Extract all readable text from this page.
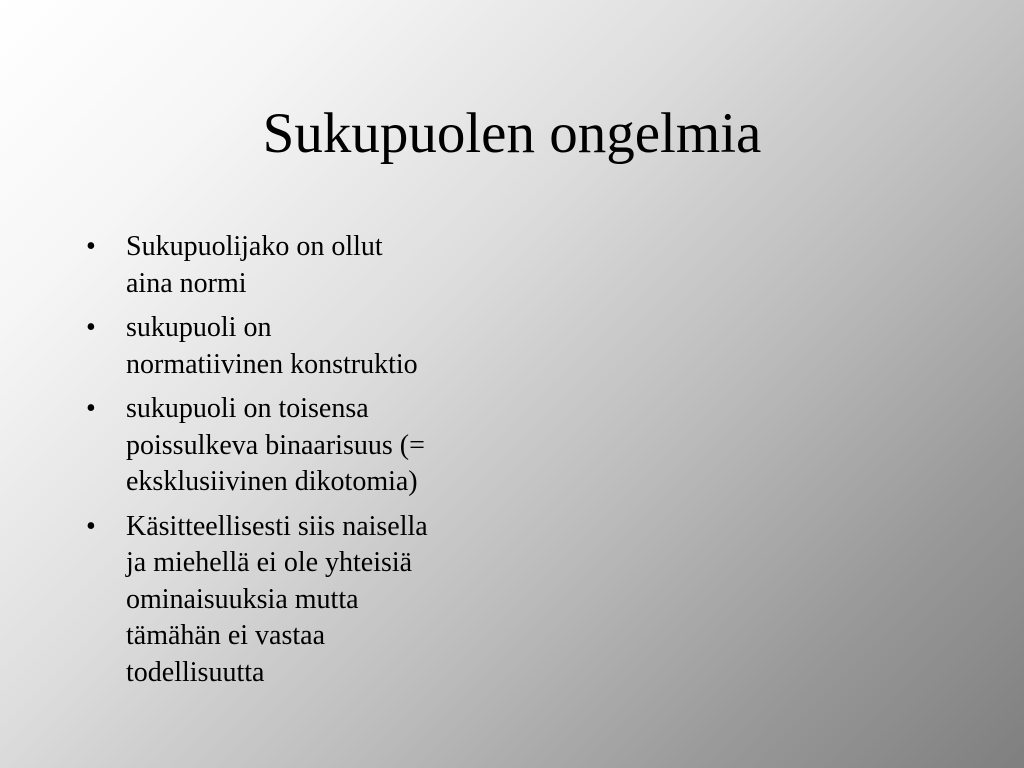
Sukupuolen ongelmia
• Sukupuolijako on ollut
aina normi
• sukupuoli on
normatiivinen konstruktio
• sukupuoli on toisensa
poissulkeva binaarisuus (=
eksklusiivinen dikotomia)
• Käsitteellisesti siis naisella
ja miehellä ei ole yhteisiä
ominaisuuksia mutta
tämähän ei vastaa
todellisuutta
